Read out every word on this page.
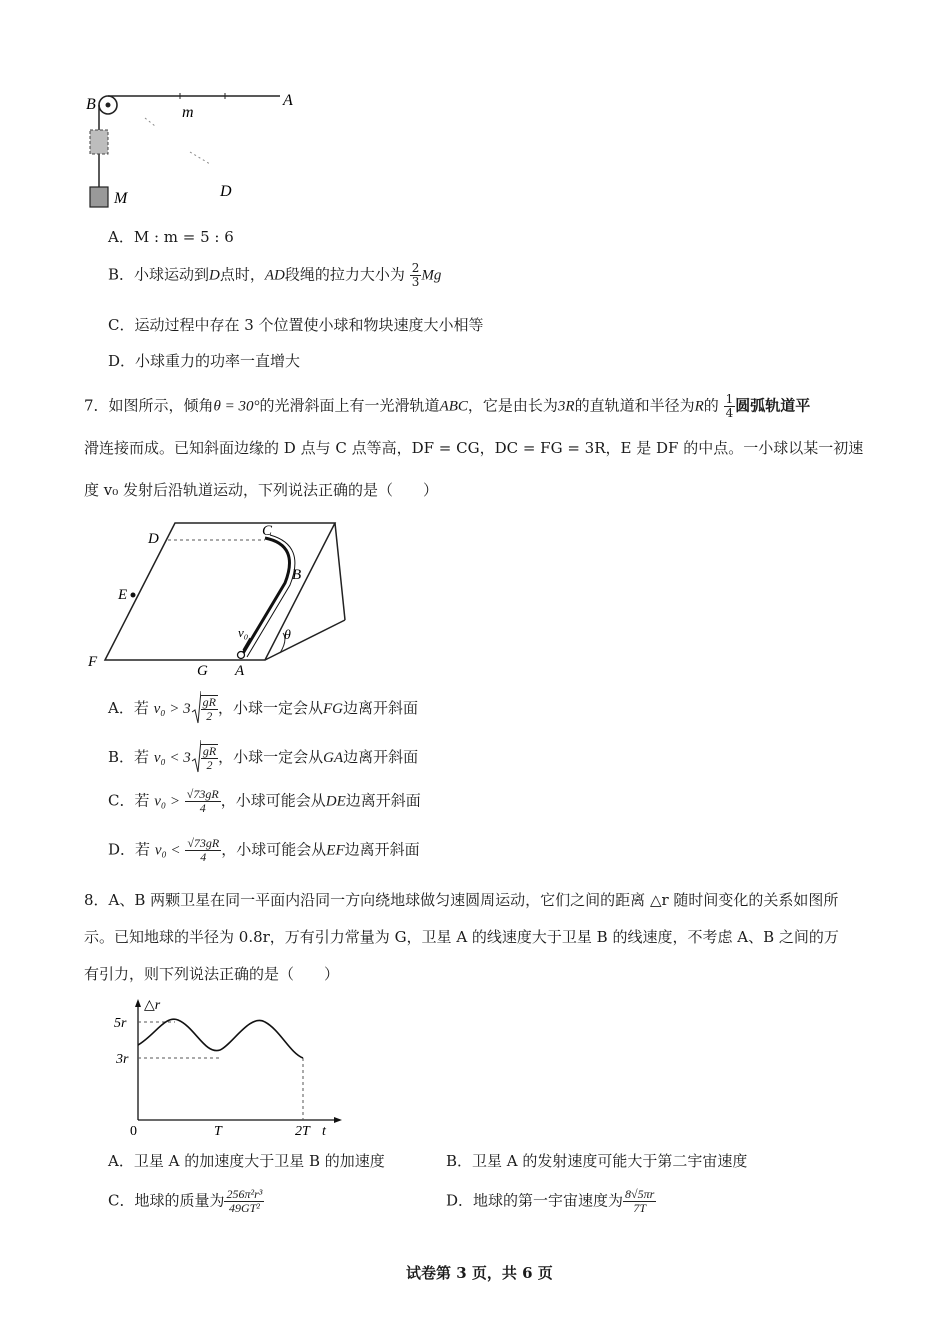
B	A
m
M	D
A．M : m = 5 : 6
B．小球运动到D点时，AD段绳的拉力大小为 $\frac{2}{3}$ Mg
C．运动过程中存在 3 个位置使小球和物块速度大小相等
D．小球重力的功率一直增大
7．如图所示，倾角θ = 30°的光滑斜面上有一光滑轨道ABC，它是由长为3R的直轨道和半径为R的 $\frac{1}{4}$ 圆弧轨道平
滑连接而成。已知斜面边缘的 D 点与 C 点等高，DF = CG，DC = FG = 3R，E 是 DF 的中点。一小球以某一初速
度 v₀ 发射后沿轨道运动，下列说法正确的是（　　）
D	C
B
E
F
G A
v₀	θ
A．若 $v_0 > 3 \frac{gR}{2}$ ，小球一定会从FG边离开斜面
B．若 $v_0 < 3 \frac{gR}{2}$ ，小球一定会从GA边离开斜面
C．若 $v_0 > \frac{√73gR}{4}$ ，小球可能会从DE边离开斜面
D．若 $v_0 < \frac{√73gR}{4}$ ，小球可能会从EF边离开斜面
8．A、B 两颗卫星在同一平面内沿同一方向绕地球做匀速圆周运动，它们之间的距离 △r 随时间变化的关系如图所
示。已知地球的半径为 0.8r，万有引力常量为 G，卫星 A 的线速度大于卫星 B 的线速度，不考虑 A、B 之间的万
有引力，则下列说法正确的是（　　）
△r
5r
3r
0	T	2T t
A．卫星 A 的加速度大于卫星 B 的加速度	B．卫星 A 的发射速度可能大于第二宇宙速度
C．地球的质量为 $\frac{\text{256π²r³}}{\text{49GT²}}$	D．地球的第一宇宙速度为 $\frac{8√5\pi r}{7T}$
试卷第 3 页，共 6 页
